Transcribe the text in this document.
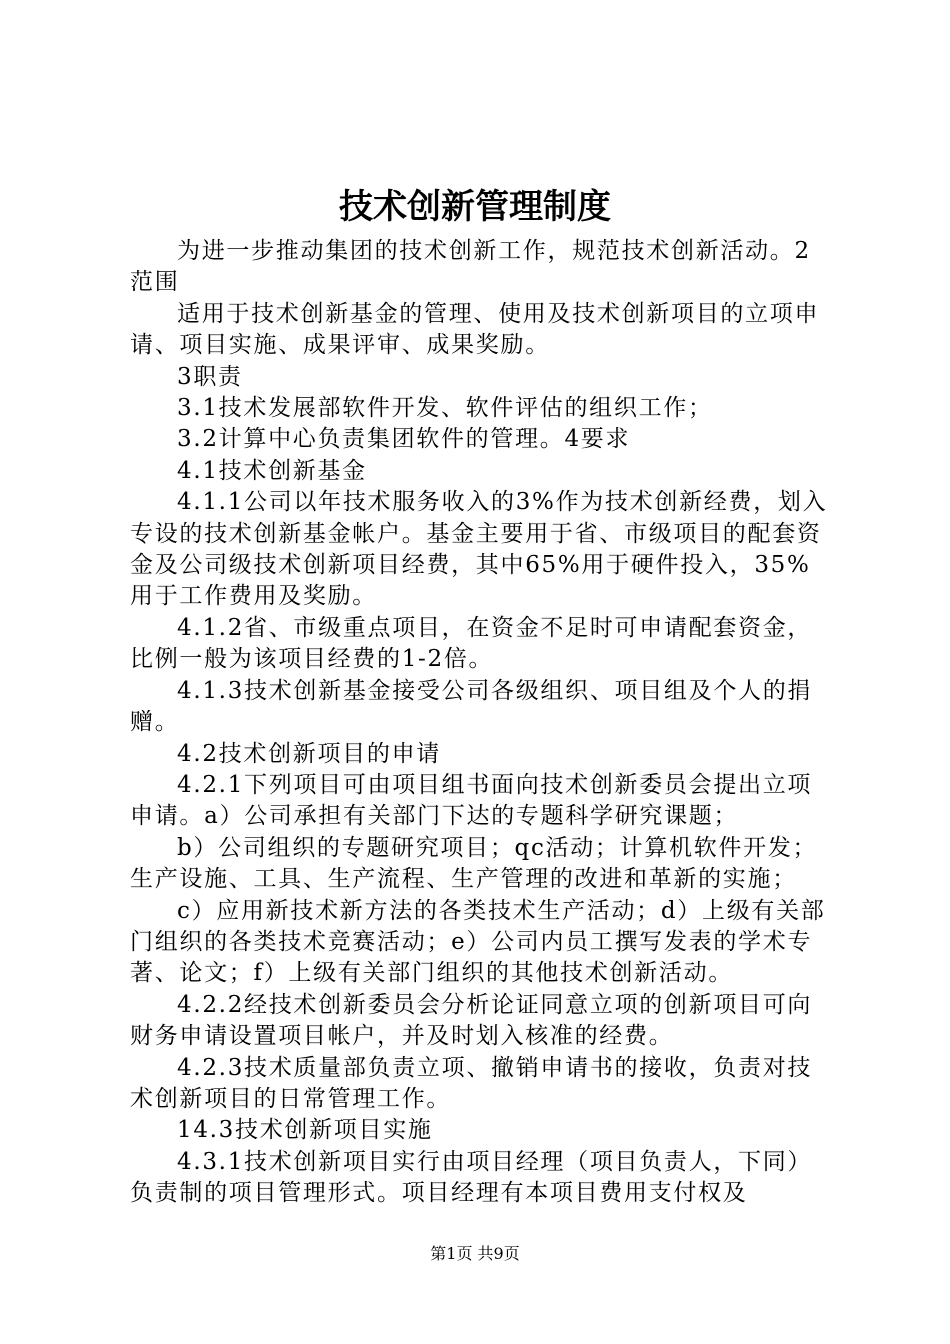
技术创新管理制度

为进一步推动集团的技术创新工作，规范技术创新活动。2范围

适用于技术创新基金的管理、使用及技术创新项目的立项申请、项目实施、成果评审、成果奖励。

3职责

3.1技术发展部软件开发、软件评估的组织工作；

3.2计算中心负责集团软件的管理。4要求

4.1技术创新基金

4.1.1公司以年技术服务收入的3%作为技术创新经费，划入专设的技术创新基金帐户。基金主要用于省、市级项目的配套资金及公司级技术创新项目经费，其中65%用于硬件投入，35%用于工作费用及奖励。

4.1.2省、市级重点项目，在资金不足时可申请配套资金，比例一般为该项目经费的1-2倍。

4.1.3技术创新基金接受公司各级组织、项目组及个人的捐赠。

4.2技术创新项目的申请

4.2.1下列项目可由项目组书面向技术创新委员会提出立项申请。a）公司承担有关部门下达的专题科学研究课题；

b）公司组织的专题研究项目；qc活动；计算机软件开发；生产设施、工具、生产流程、生产管理的改进和革新的实施；

c）应用新技术新方法的各类技术生产活动；d）上级有关部门组织的各类技术竞赛活动；e）公司内员工撰写发表的学术专著、论文；f）上级有关部门组织的其他技术创新活动。

4.2.2经技术创新委员会分析论证同意立项的创新项目可向财务申请设置项目帐户，并及时划入核准的经费。

4.2.3技术质量部负责立项、撤销申请书的接收，负责对技术创新项目的日常管理工作。

14.3技术创新项目实施

4.3.1技术创新项目实行由项目经理（项目负责人，下同）负责制的项目管理形式。项目经理有本项目费用支付权及

第1页 共9页
